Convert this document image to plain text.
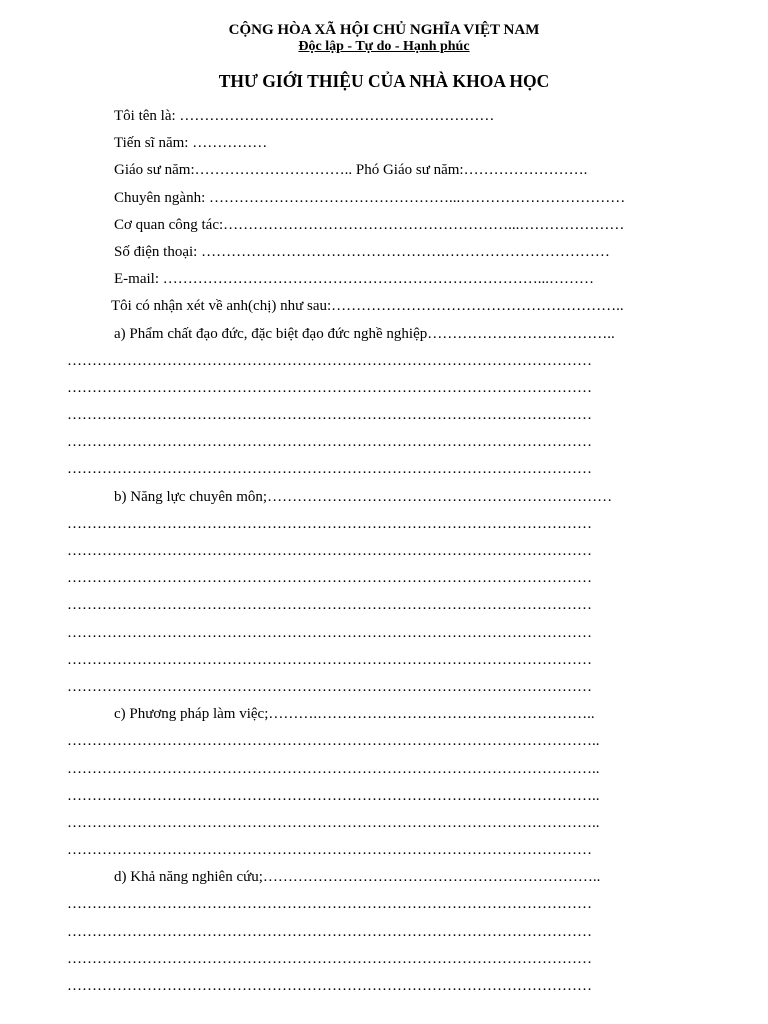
CỘNG HÒA XÃ HỘI CHỦ NGHĨA VIỆT NAM
Độc lập - Tự do - Hạnh phúc
THƯ GIỚI THIỆU CỦA NHÀ KHOA HỌC
Tôi tên là: ………………………………………………………
Tiến sĩ năm: ……………
Giáo sư năm:………………………….. Phó Giáo sư năm:…………………….
Chuyên ngành: …………………………………………...……………………………
Cơ quan công tác:…………………………………………………...…………………
Số điện thoại: ………………………………………….……………………………
E-mail: …………………………………………………………………...………
Tôi có nhận xét về anh(chị) như sau:…………………………………………………..
a) Phẩm chất đạo đức, đặc biệt đạo đức nghề nghiệp………………………………..
……………………………………………………………………………………………
……………………………………………………………………………………………
……………………………………………………………………………………………
……………………………………………………………………………………………
……………………………………………………………………………………………
b) Năng lực chuyên môn;……………………………………………………………
……………………………………………………………………………………………
……………………………………………………………………………………………
……………………………………………………………………………………………
……………………………………………………………………………………………
……………………………………………………………………………………………
……………………………………………………………………………………………
……………………………………………………………………………………………
c) Phương pháp làm việc;……….………………………………………………..
……………………………………………………………………………………………..
……………………………………………………………………………………………..
……………………………………………………………………………………………..
……………………………………………………………………………………………..
……………………………………………………………………………………………
d) Khả năng nghiên cứu;…………………………………………………………..
……………………………………………………………………………………………
……………………………………………………………………………………………
……………………………………………………………………………………………
……………………………………………………………………………………………
